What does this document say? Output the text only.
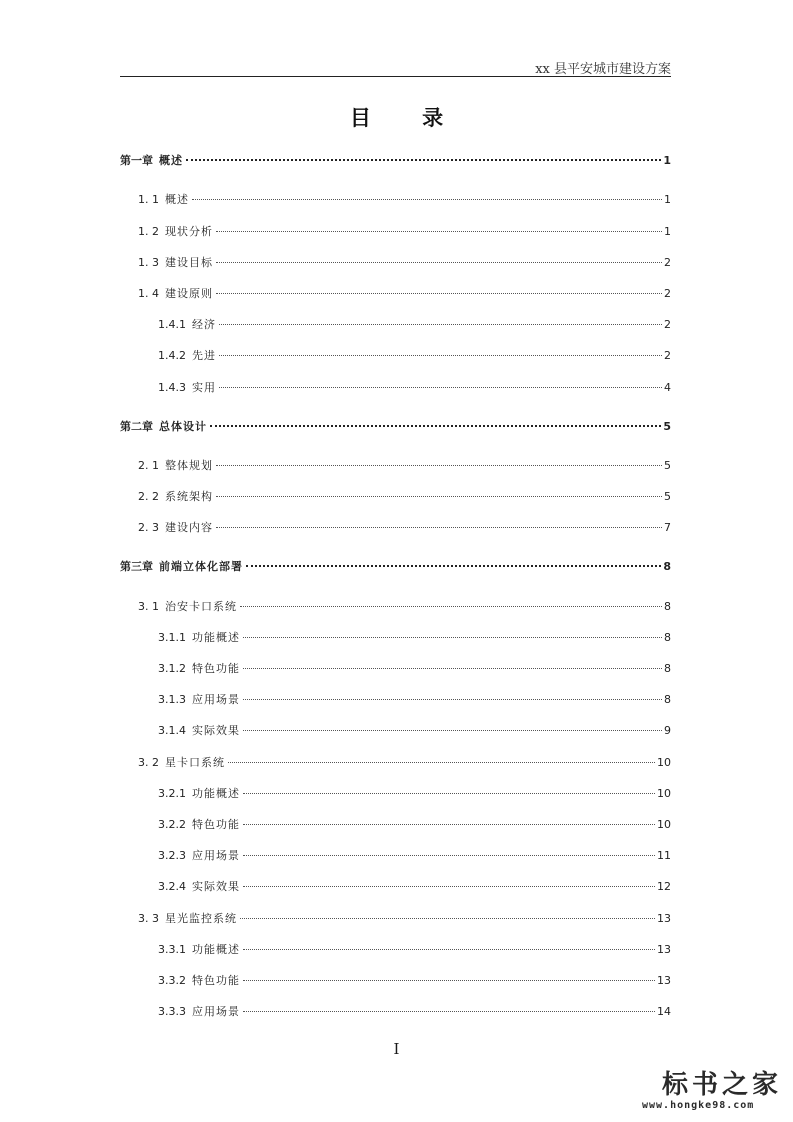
xx 县平安城市建设方案
目 录
第一章 概述	1
1. 1 概述	1
1. 2 现状分析	1
1. 3 建设目标	2
1. 4 建设原则	2
1.4.1 经济	2
1.4.2 先进	2
1.4.3 实用	4
第二章 总体设计	5
2. 1 整体规划	5
2. 2 系统架构	5
2. 3 建设内容	7
第三章 前端立体化部署	8
3. 1 治安卡口系统	8
3.1.1 功能概述	8
3.1.2 特色功能	8
3.1.3 应用场景	8
3.1.4 实际效果	9
3. 2 星卡口系统	10
3.2.1 功能概述	10
3.2.2 特色功能	10
3.2.3 应用场景	11
3.2.4 实际效果	12
3. 3 星光监控系统	13
3.3.1 功能概述	13
3.3.2 特色功能	13
3.3.3 应用场景	14
I
标书之家
www.hongke98.com
